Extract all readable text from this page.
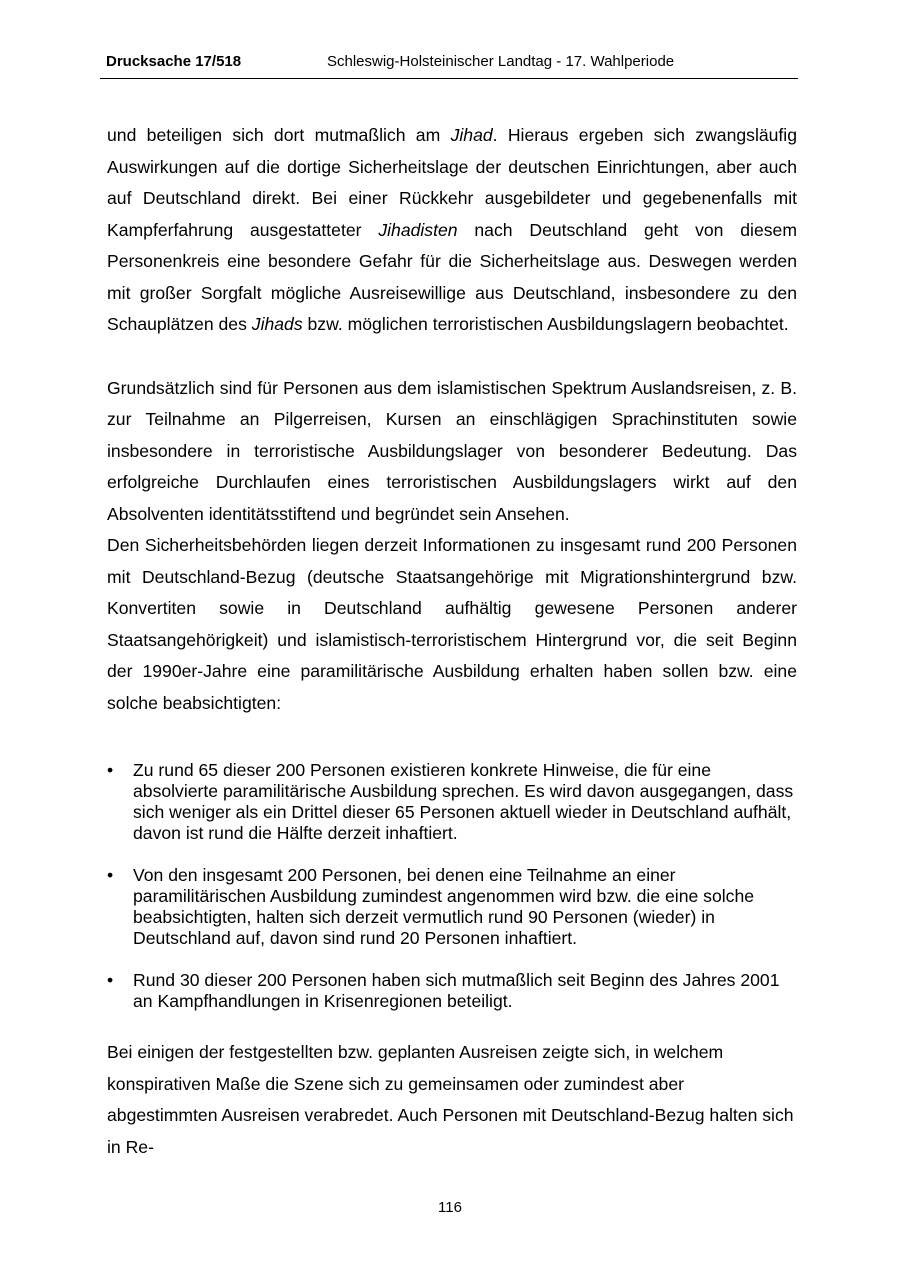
Drucksache 17/518	Schleswig-Holsteinischer Landtag - 17. Wahlperiode

und beteiligen sich dort mutmaßlich am Jihad. Hieraus ergeben sich zwangsläufig Auswirkungen auf die dortige Sicherheitslage der deutschen Einrichtungen, aber auch auf Deutschland direkt. Bei einer Rückkehr ausgebildeter und gegebenenfalls mit Kampferfahrung ausgestatteter Jihadisten nach Deutschland geht von diesem Personenkreis eine besondere Gefahr für die Sicherheitslage aus. Deswegen werden mit großer Sorgfalt mögliche Ausreisewillige aus Deutschland, insbesondere zu den Schauplätzen des Jihads bzw. möglichen terroristischen Ausbildungslagern beobachtet.

Grundsätzlich sind für Personen aus dem islamistischen Spektrum Auslandsreisen, z. B. zur Teilnahme an Pilgerreisen, Kursen an einschlägigen Sprachinstituten sowie insbesondere in terroristische Ausbildungslager von besonderer Bedeutung. Das erfolgreiche Durchlaufen eines terroristischen Ausbildungslagers wirkt auf den Absolventen identitätsstiftend und begründet sein Ansehen.

Den Sicherheitsbehörden liegen derzeit Informationen zu insgesamt rund 200 Personen mit Deutschland-Bezug (deutsche Staatsangehörige mit Migrationshintergrund bzw. Konvertiten sowie in Deutschland aufhältig gewesene Personen anderer Staatsangehörigkeit) und islamistisch-terroristischem Hintergrund vor, die seit Beginn der 1990er-Jahre eine paramilitärische Ausbildung erhalten haben sollen bzw. eine solche beabsichtigten:

• Zu rund 65 dieser 200 Personen existieren konkrete Hinweise, die für eine absolvierte paramilitärische Ausbildung sprechen. Es wird davon ausgegangen, dass sich weniger als ein Drittel dieser 65 Personen aktuell wieder in Deutschland aufhält, davon ist rund die Hälfte derzeit inhaftiert.
• Von den insgesamt 200 Personen, bei denen eine Teilnahme an einer paramilitärischen Ausbildung zumindest angenommen wird bzw. die eine solche beabsichtigten, halten sich derzeit vermutlich rund 90 Personen (wieder) in Deutschland auf, davon sind rund 20 Personen inhaftiert.
• Rund 30 dieser 200 Personen haben sich mutmaßlich seit Beginn des Jahres 2001 an Kampfhandlungen in Krisenregionen beteiligt.

Bei einigen der festgestellten bzw. geplanten Ausreisen zeigte sich, in welchem konspirativen Maße die Szene sich zu gemeinsamen oder zumindest aber abgestimmten Ausreisen verabredet. Auch Personen mit Deutschland-Bezug halten sich in Re-

116
